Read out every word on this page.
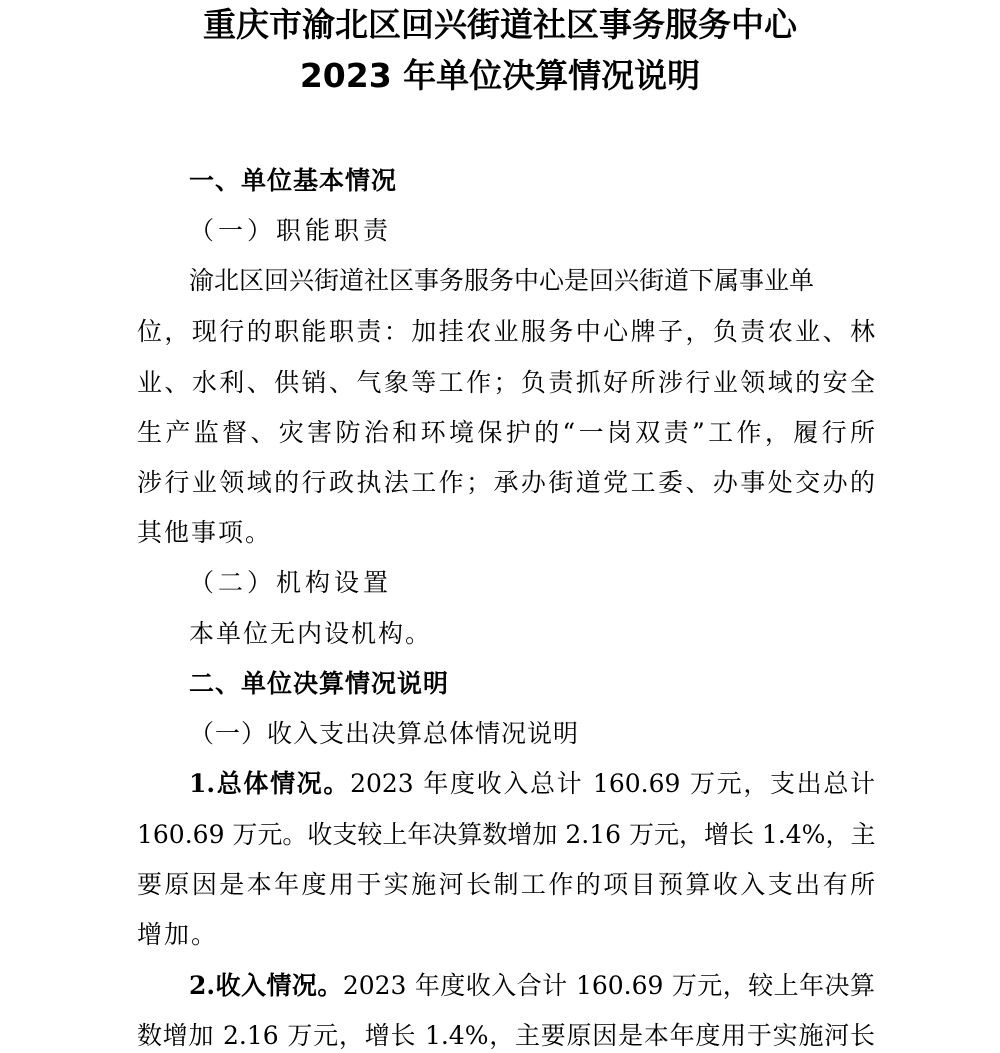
重庆市渝北区回兴街道社区事务服务中心
2023 年单位决算情况说明
一、单位基本情况
（一）职能职责
渝北区回兴街道社区事务服务中心是回兴街道下属事业单
位，现行的职能职责：加挂农业服务中心牌子，负责农业、林
业、水利、供销、气象等工作；负责抓好所涉行业领域的安全
生产监督、灾害防治和环境保护的“一岗双责”工作，履行所
涉行业领域的行政执法工作；承办街道党工委、办事处交办的
其他事项。
（二）机构设置
本单位无内设机构。
二、单位决算情况说明
（一）收入支出决算总体情况说明
1.总体情况。2023 年度收入总计 160.69 万元，支出总计
160.69 万元。收支较上年决算数增加 2.16 万元，增长 1.4%，主
要原因是本年度用于实施河长制工作的项目预算收入支出有所
增加。
2.收入情况。2023 年度收入合计 160.69 万元，较上年决算
数增加 2.16 万元，增长 1.4%，主要原因是本年度用于实施河长
